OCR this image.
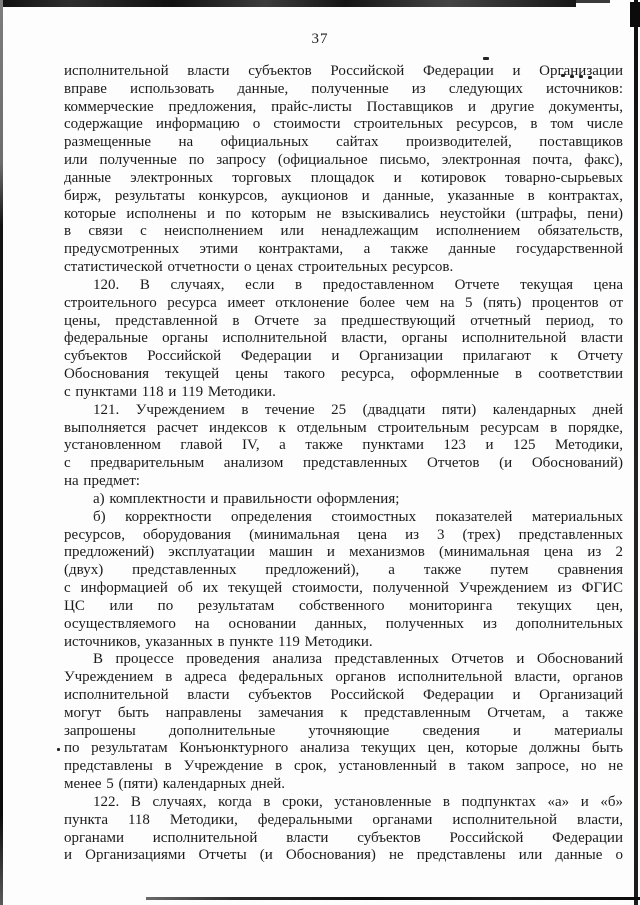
37
исполнительной власти субъектов Российской Федерации и Организации
вправе использовать данные, полученные из следующих источников:
коммерческие предложения, прайс-листы Поставщиков и другие документы,
содержащие информацию о стоимости строительных ресурсов, в том числе
размещенные на официальных сайтах производителей, поставщиков
или полученные по запросу (официальное письмо, электронная почта, факс),
данные электронных торговых площадок и котировок товарно-сырьевых
бирж, результаты конкурсов, аукционов и данные, указанные в контрактах,
которые исполнены и по которым не взыскивались неустойки (штрафы, пени)
в связи с неисполнением или ненадлежащим исполнением обязательств,
предусмотренных этими контрактами, а также данные государственной
статистической отчетности о ценах строительных ресурсов.
120. В случаях, если в предоставленном Отчете текущая цена
строительного ресурса имеет отклонение более чем на 5 (пять) процентов от
цены, представленной в Отчете за предшествующий отчетный период, то
федеральные органы исполнительной власти, органы исполнительной власти
субъектов Российской Федерации и Организации прилагают к Отчету
Обоснования текущей цены такого ресурса, оформленные в соответствии
с пунктами 118 и 119 Методики.
121. Учреждением в течение 25 (двадцати пяти) календарных дней
выполняется расчет индексов к отдельным строительным ресурсам в порядке,
установленном главой IV, а также пунктами 123 и 125 Методики,
с предварительным анализом представленных Отчетов (и Обоснований)
на предмет:
а) комплектности и правильности оформления;
б) корректности определения стоимостных показателей материальных
ресурсов, оборудования (минимальная цена из 3 (трех) представленных
предложений) эксплуатации машин и механизмов (минимальная цена из 2
(двух) представленных предложений), а также путем сравнения
с информацией об их текущей стоимости, полученной Учреждением из ФГИС
ЦС или по результатам собственного мониторинга текущих цен,
осуществляемого на основании данных, полученных из дополнительных
источников, указанных в пункте 119 Методики.
В процессе проведения анализа представленных Отчетов и Обоснований
Учреждением в адреса федеральных органов исполнительной власти, органов
исполнительной власти субъектов Российской Федерации и Организаций
могут быть направлены замечания к представленным Отчетам, а также
запрошены дополнительные уточняющие сведения и материалы
по результатам Конъюнктурного анализа текущих цен, которые должны быть
представлены в Учреждение в срок, установленный в таком запросе, но не
менее 5 (пяти) календарных дней.
122. В случаях, когда в сроки, установленные в подпунктах «а» и «б»
пункта 118 Методики, федеральными органами исполнительной власти,
органами исполнительной власти субъектов Российской Федерации
и Организациями Отчеты (и Обоснования) не представлены или данные о
